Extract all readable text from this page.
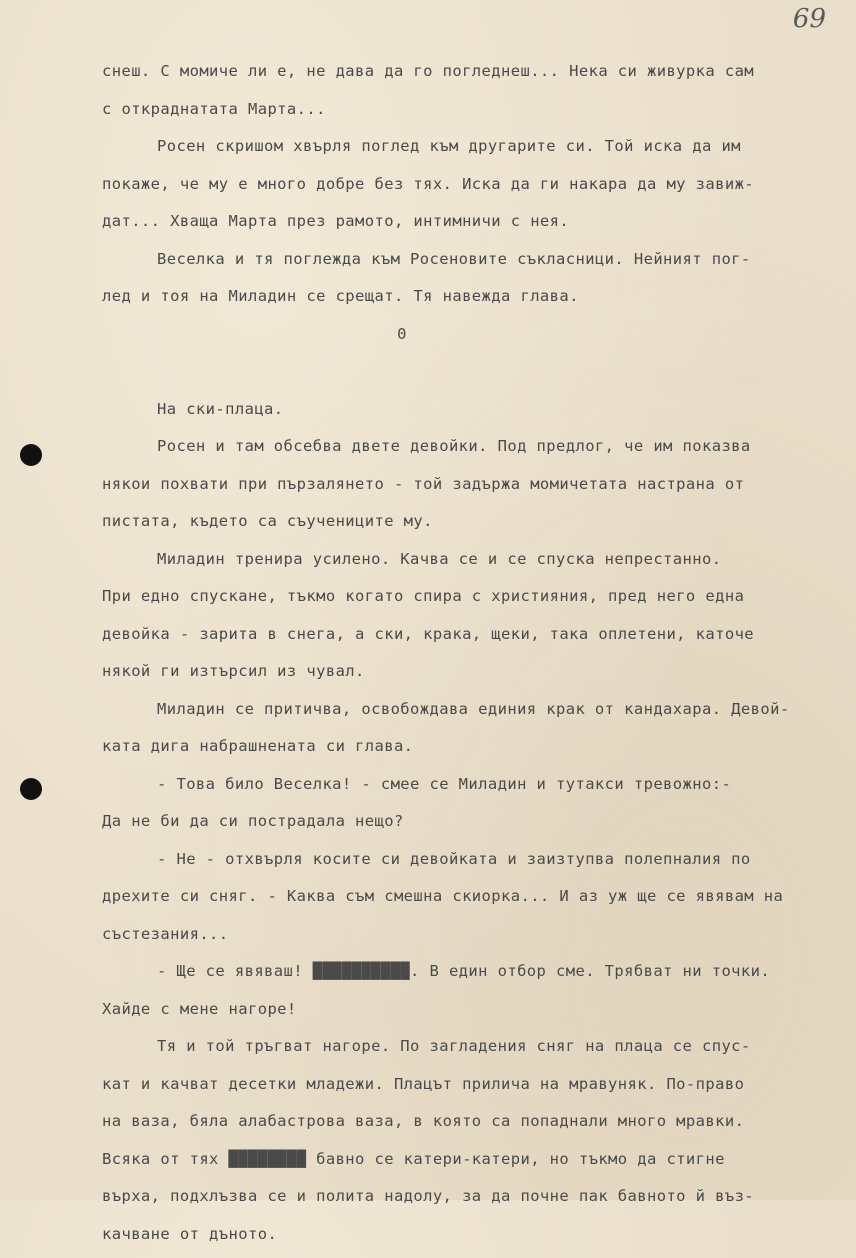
69
снеш. С момиче ли е, не дава да го погледнеш... Нека си живурка сам
с откраднатата Марта...
Росен скришом хвърля поглед към другарите си. Той иска да им
покаже, че му е много добре без тях. Иска да ги накара да му завиж-
дат... Хваща Марта през рамото, интимничи с нея.
Веселка и тя поглежда към Росеновите съкласници. Нейният пог-
лед и тоя на Миладин се срещат. Тя навежда глава.
0
На ски-плаца.
Росен и там обсебва двете девойки. Под предлог, че им показва
някои похвати при пързалянето - той задържа момичетата настрана от
пистата, където са съучениците му.
Миладин тренира усилено. Качва се и се спуска непрестанно.
При едно спускане, тъкмо когато спира с християния, пред него една
девойка - зарита в снега, а ски, крака, щеки, така оплетени, каточе
някой ги изтърсил из чувал.
Миладин се притичва, освобождава единия крак от кандахара. Девой-
ката дига набрашнената си глава.
- Това било Веселка! - смее се Миладин и тутакси тревожно:-
Да не би да си пострадала нещо?
- Не - отхвърля косите си девойката и заизтупва полепналия по
дрехите си сняг. - Каква съм смешна скиорка... И аз уж ще се явявам на
състезания...
- Ще се явяваш! ██████████. В един отбор сме. Трябват ни точки.
Хайде с мене нагоре!
Тя и той тръгват нагоре. По загладения сняг на плаца се спус-
кат и качват десетки младежи. Плацът прилича на мравуняк. По-право
на ваза, бяла алабастрова ваза, в която са попаднали много мравки.
Всяка от тях ████████ бавно се катери-катери, но тъкмо да стигне
върха, подхлъзва се и полита надолу, за да почне пак бавното й въз-
качване от дъното.
